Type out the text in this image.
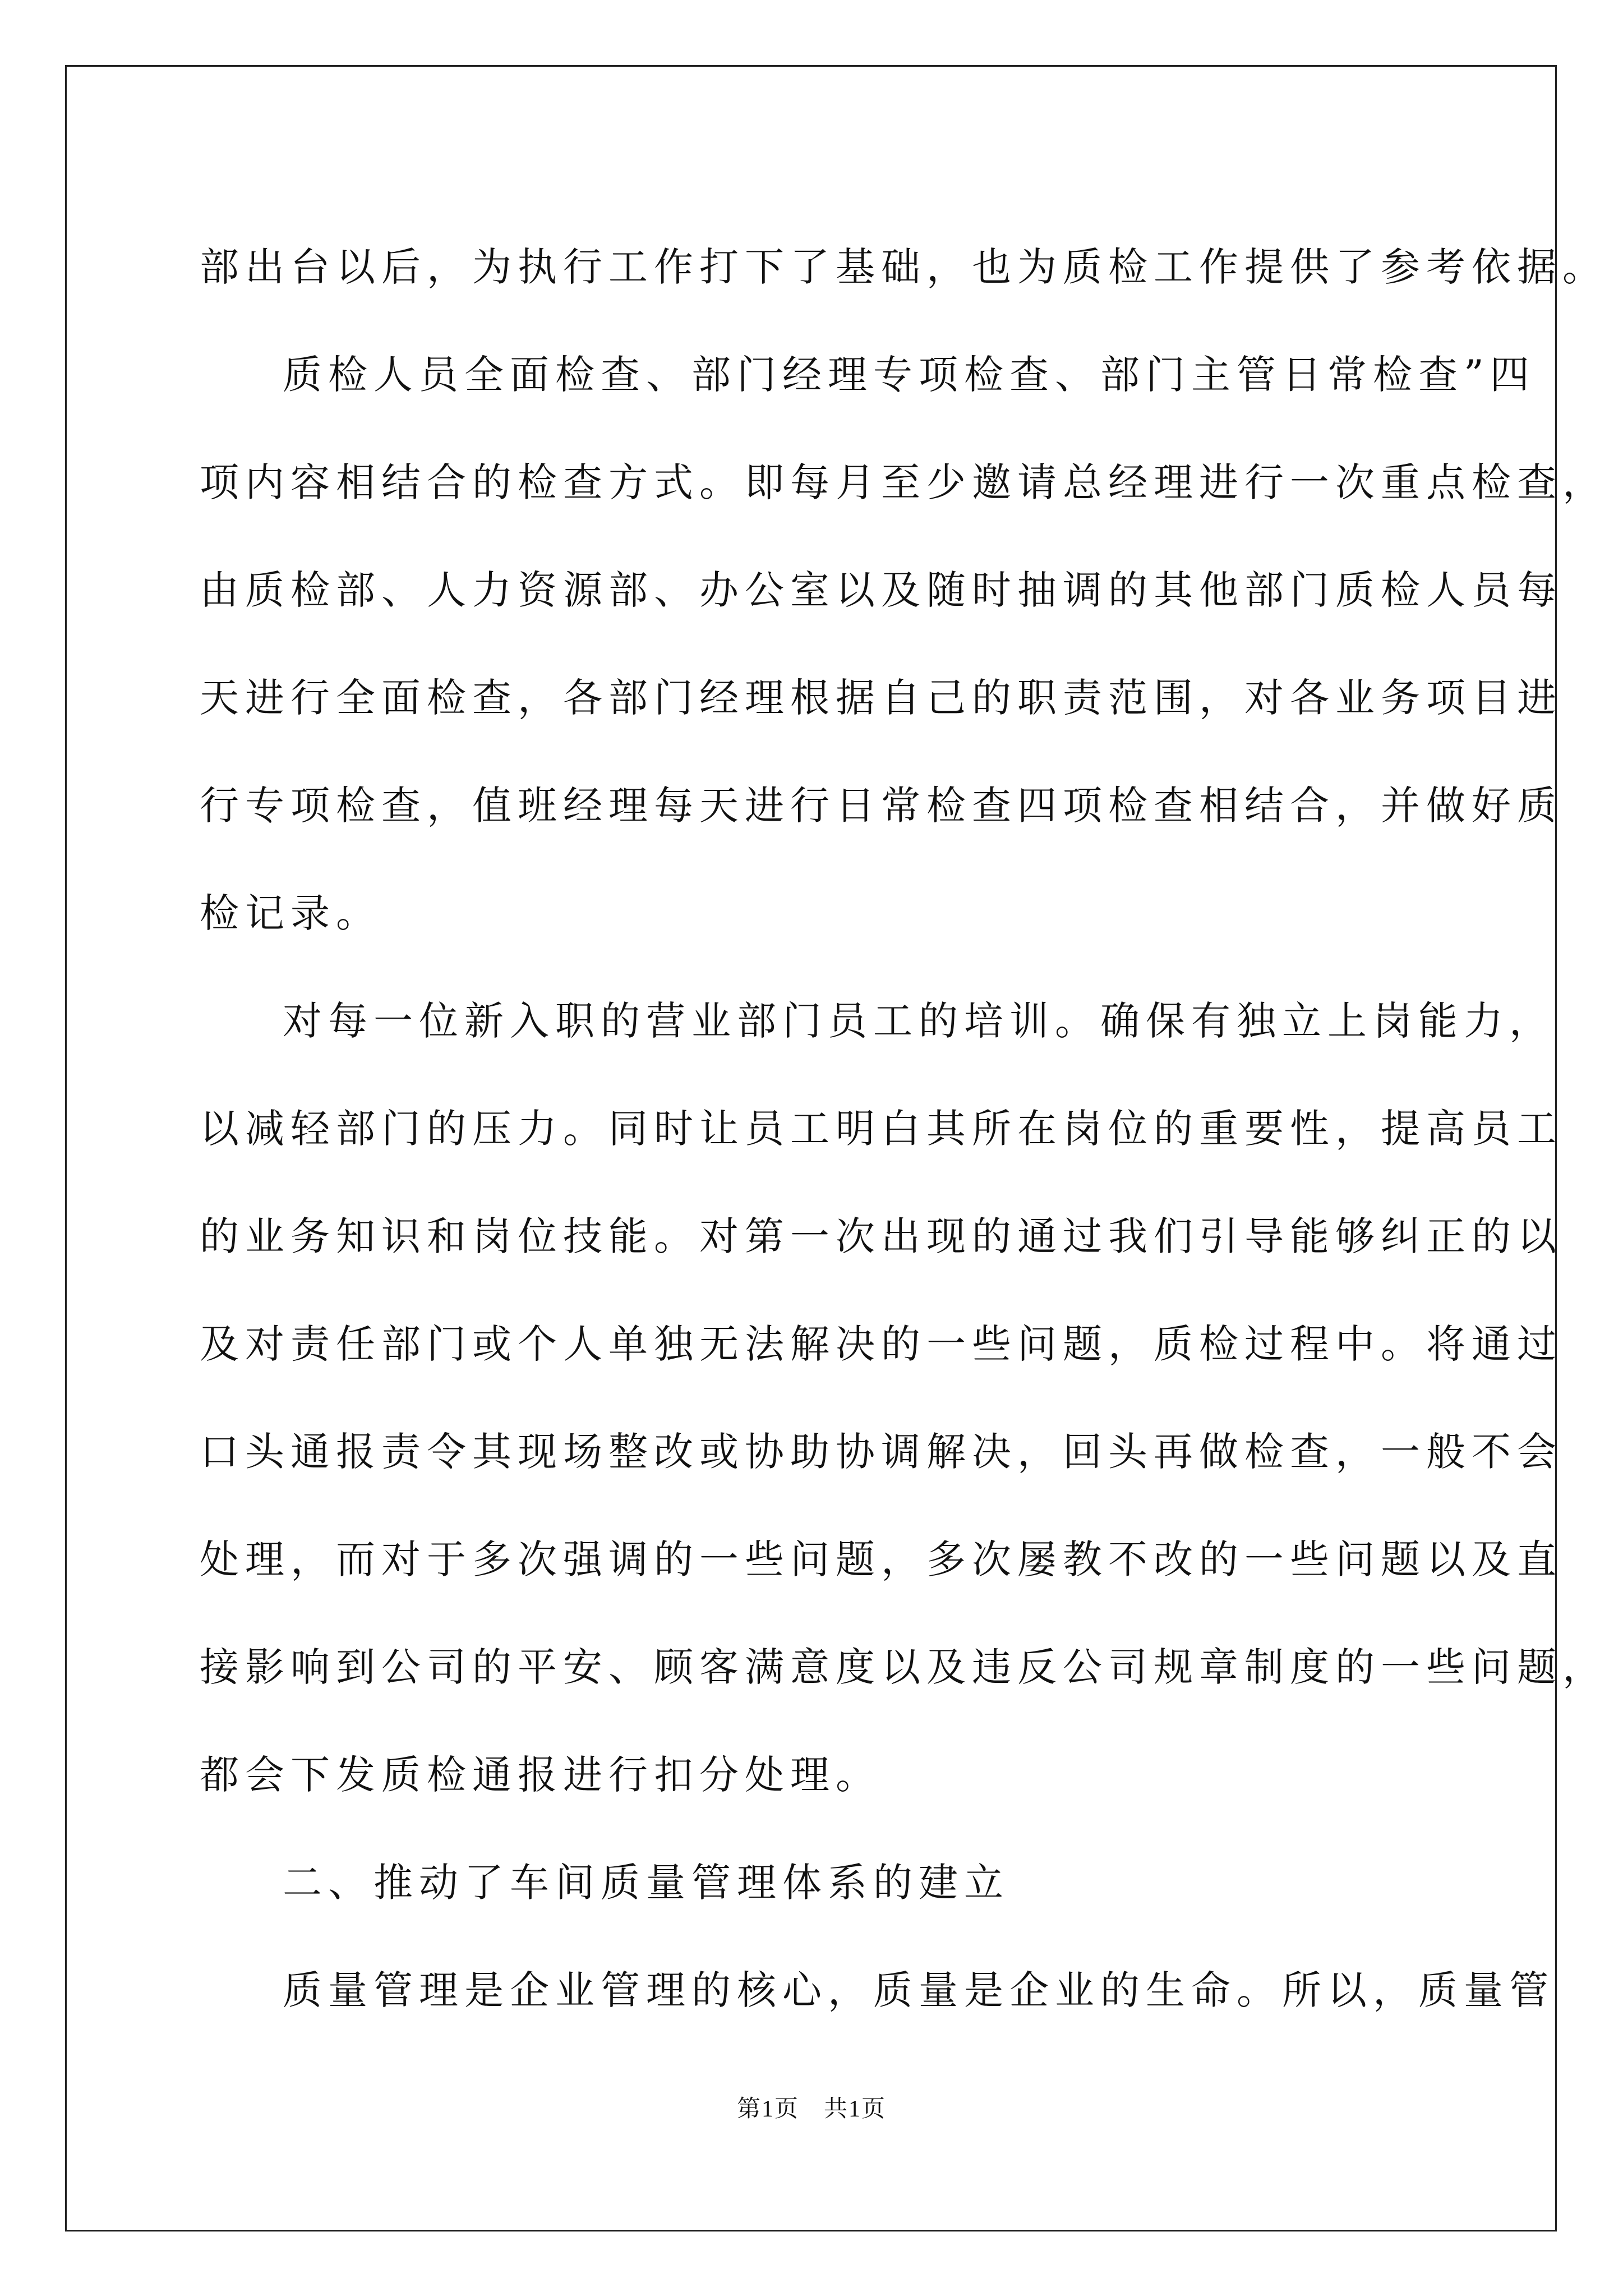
部出台以后，为执行工作打下了基础，也为质检工作提供了参考依据。
质检人员全面检查、部门经理专项检查、部门主管日常检查”四
项内容相结合的检查方式。即每月至少邀请总经理进行一次重点检查，
由质检部、人力资源部、办公室以及随时抽调的其他部门质检人员每
天进行全面检查，各部门经理根据自己的职责范围，对各业务项目进
行专项检查，值班经理每天进行日常检查四项检查相结合，并做好质
检记录。
对每一位新入职的营业部门员工的培训。确保有独立上岗能力，
以减轻部门的压力。同时让员工明白其所在岗位的重要性，提高员工
的业务知识和岗位技能。对第一次出现的通过我们引导能够纠正的以
及对责任部门或个人单独无法解决的一些问题，质检过程中。将通过
口头通报责令其现场整改或协助协调解决，回头再做检查，一般不会
处理，而对于多次强调的一些问题，多次屡教不改的一些问题以及直
接影响到公司的平安、顾客满意度以及违反公司规章制度的一些问题，
都会下发质检通报进行扣分处理。
二、推动了车间质量管理体系的建立
质量管理是企业管理的核心，质量是企业的生命。所以，质量管
第1页　共1页
